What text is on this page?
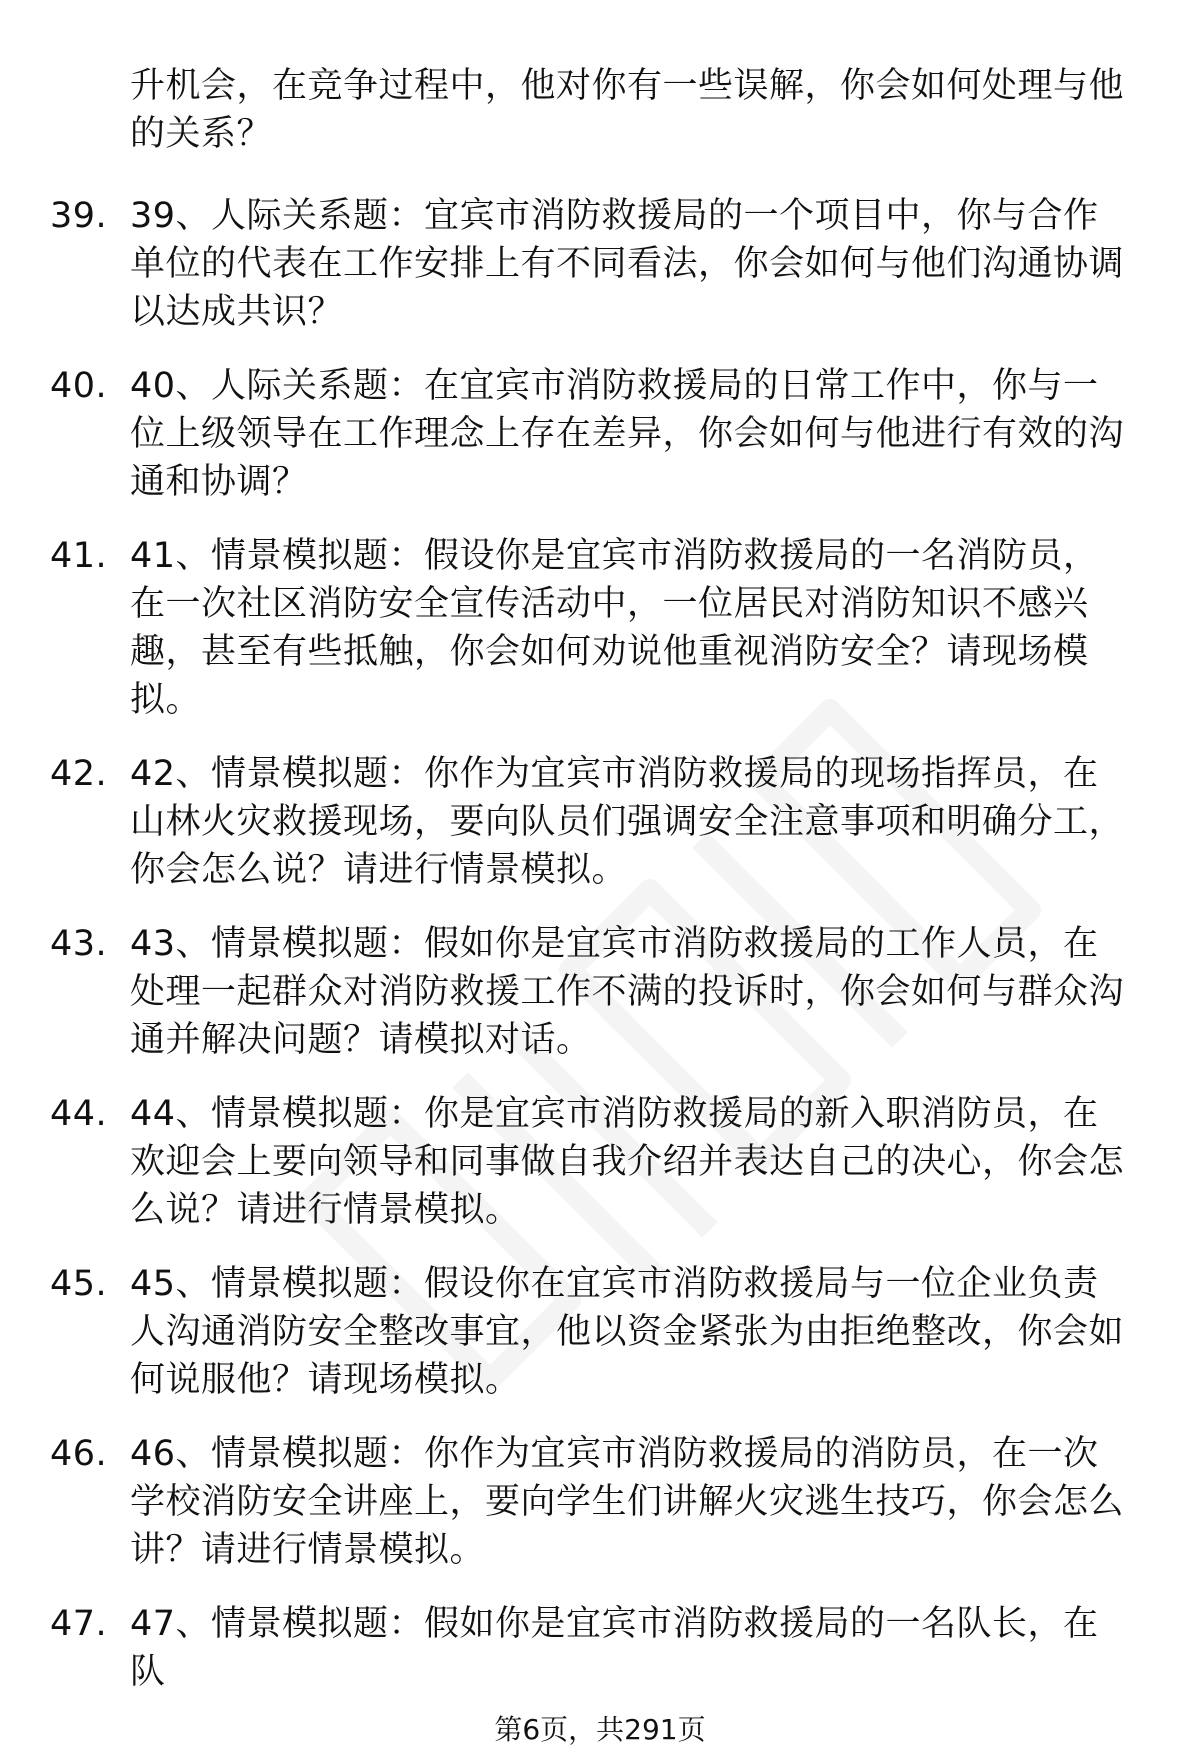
升机会，在竞争过程中，他对你有一些误解，你会如何处理与他的关系？
39. 39、人际关系题：宜宾市消防救援局的一个项目中，你与合作单位的代表在工作安排上有不同看法，你会如何与他们沟通协调以达成共识？
40. 40、人际关系题：在宜宾市消防救援局的日常工作中，你与一位上级领导在工作理念上存在差异，你会如何与他进行有效的沟通和协调？
41. 41、情景模拟题：假设你是宜宾市消防救援局的一名消防员，在一次社区消防安全宣传活动中，一位居民对消防知识不感兴趣，甚至有些抵触，你会如何劝说他重视消防安全？请现场模拟。
42. 42、情景模拟题：你作为宜宾市消防救援局的现场指挥员，在山林火灾救援现场，要向队员们强调安全注意事项和明确分工，你会怎么说？请进行情景模拟。
43. 43、情景模拟题：假如你是宜宾市消防救援局的工作人员，在处理一起群众对消防救援工作不满的投诉时，你会如何与群众沟通并解决问题？请模拟对话。
44. 44、情景模拟题：你是宜宾市消防救援局的新入职消防员，在欢迎会上要向领导和同事做自我介绍并表达自己的决心，你会怎么说？请进行情景模拟。
45. 45、情景模拟题：假设你在宜宾市消防救援局与一位企业负责人沟通消防安全整改事宜，他以资金紧张为由拒绝整改，你会如何说服他？请现场模拟。
46. 46、情景模拟题：你作为宜宾市消防救援局的消防员，在一次学校消防安全讲座上，要向学生们讲解火灾逃生技巧，你会怎么讲？请进行情景模拟。
47. 47、情景模拟题：假如你是宜宾市消防救援局的一名队长，在队
第6页，共291页
